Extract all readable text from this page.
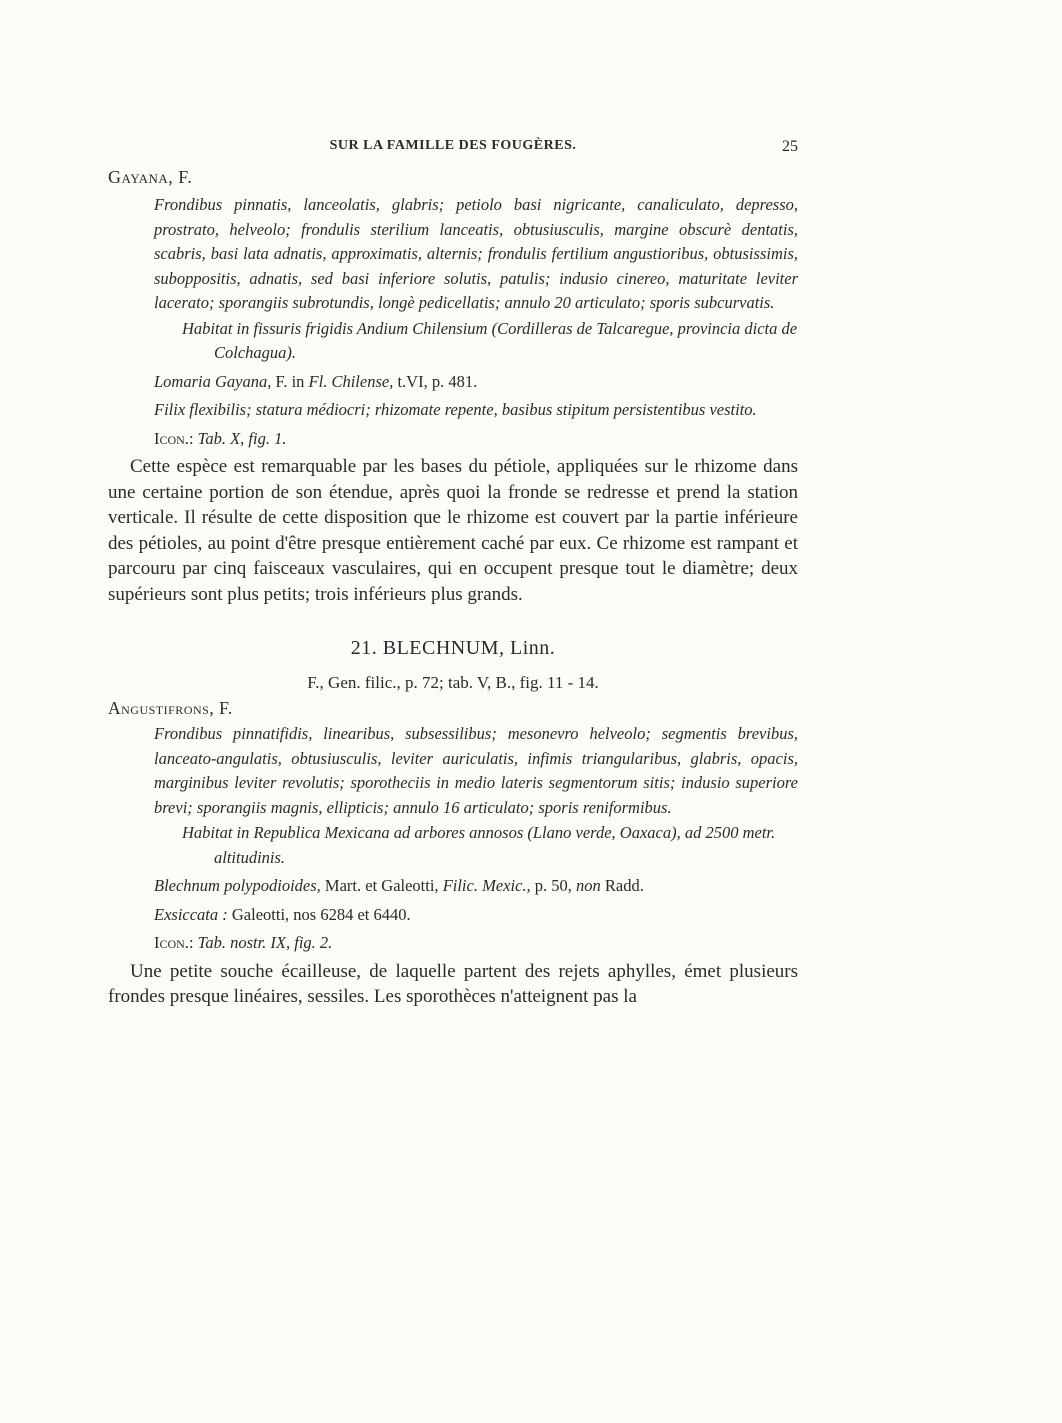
SUR LA FAMILLE DES FOUGÈRES.	25
Gayana, F.

Frondibus pinnatis, lanceolatis, glabris; petiolo basi nigricante, canaliculato, depresso, prostrato, helveolo; frondulis sterilium lanceatis, obtusiusculis, margine obscurè dentatis, scabris, basi lata adnatis, approximatis, alternis; frondulis fertilium angustioribus, obtusissimis, suboppositis, adnatis, sed basi inferiore solutis, patulis; indusio cinereo, maturitate leviter lacerato; sporangiis subrotundis, longè pedicellatis; annulo 20 articulato; sporis subcurvatis.

Habitat in fissuris frigidis Andium Chilensium (Cordilleras de Talcaregue, provincia dicta de Colchagua).

Lomaria Gayana, F. in Fl. Chilense, t.VI, p. 481.

Filix flexibilis; statura médiocri; rhizomate repente, basibus stipitum persistentibus vestito.

Icon.: Tab. X, fig. 1.

Cette espèce est remarquable par les bases du pétiole, appliquées sur le rhizome dans une certaine portion de son étendue, après quoi la fronde se redresse et prend la station verticale. Il résulte de cette disposition que le rhizome est couvert par la partie inférieure des pétioles, au point d'être presque entièrement caché par eux. Ce rhizome est rampant et parcouru par cinq faisceaux vasculaires, qui en occupent presque tout le diamètre; deux supérieurs sont plus petits; trois inférieurs plus grands.

21. BLECHNUM, Linn.
F., Gen. filic., p. 72; tab. V, B., fig. 11 - 14.
Angustifrons, F.

Frondibus pinnatifidis, linearibus, subsessilibus; mesonevro helveolo; segmentis brevibus, lanceato-angulatis, obtusiusculis, leviter auriculatis, infimis triangularibus, glabris, opacis, marginibus leviter revolutis; sporotheciis in medio lateris segmentorum sitis; indusio superiore brevi; sporangiis magnis, ellipticis; annulo 16 articulato; sporis reniformibus.

Habitat in Republica Mexicana ad arbores annosos (Llano verde, Oaxaca), ad 2500 metr. altitudinis.

Blechnum polypodioides, Mart. et Galeotti, Filic. Mexic., p. 50, non Radd.

Exsiccata : Galeotti, nos 6284 et 6440.

Icon.: Tab. nostr. IX, fig. 2.

Une petite souche écailleuse, de laquelle partent des rejets aphylles, émet plusieurs frondes presque linéaires, sessiles. Les sporothèces n'atteignent pas la
